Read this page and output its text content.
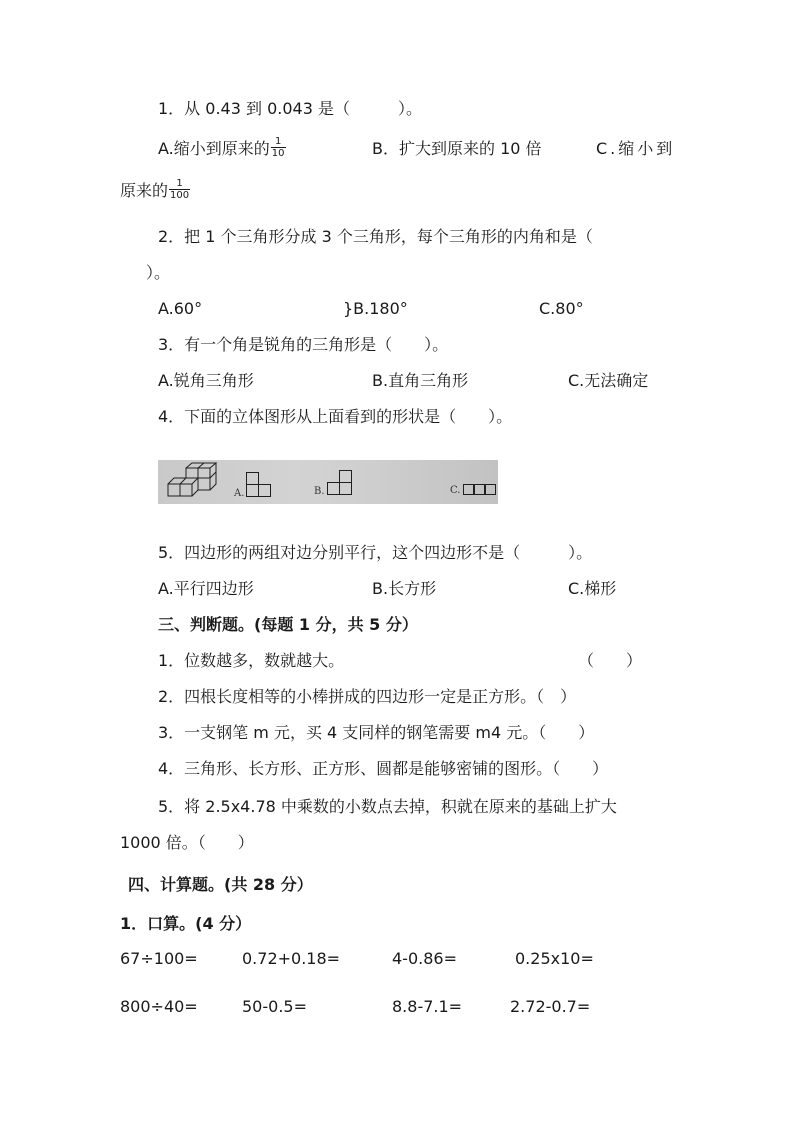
1．从 0.43 到 0.043 是（　　　）。
A.缩小到原来的 $\frac{1}{10}$	B．扩大到原来的 10 倍	C.缩小到
原来的 $\frac{1}{100}$
2．把 1 个三角形分成 3 个三角形，每个三角形的内角和是（
）。
A.60°	}B.180°	C.80°
3．有一个角是锐角的三角形是（　　）。
A.锐角三角形	B.直角三角形	C.无法确定
4．下面的立体图形从上面看到的形状是（　　）。
A.	B.	C.
5．四边形的两组对边分别平行，这个四边形不是（　　　）。
A.平行四边形	B.长方形	C.梯形
三、判断题。(每题 1 分，共 5 分）
1．位数越多，数就越大。	（　　）
2．四根长度相等的小棒拼成的四边形一定是正方形。（　）
3．一支钢笔 m 元，买 4 支同样的钢笔需要 m4 元。（　　）
4．三角形、长方形、正方形、圆都是能够密铺的图形。（　　）
5．将 2.5x4.78 中乘数的小数点去掉，积就在原来的基础上扩大
1000 倍。（　　）
四、计算题。(共 28 分）
1．口算。(4 分）
67÷100=	0.72+0.18=	4-0.86=	0.25x10=
800÷40=	50-0.5=	8.8-7.1=	2.72-0.7=
